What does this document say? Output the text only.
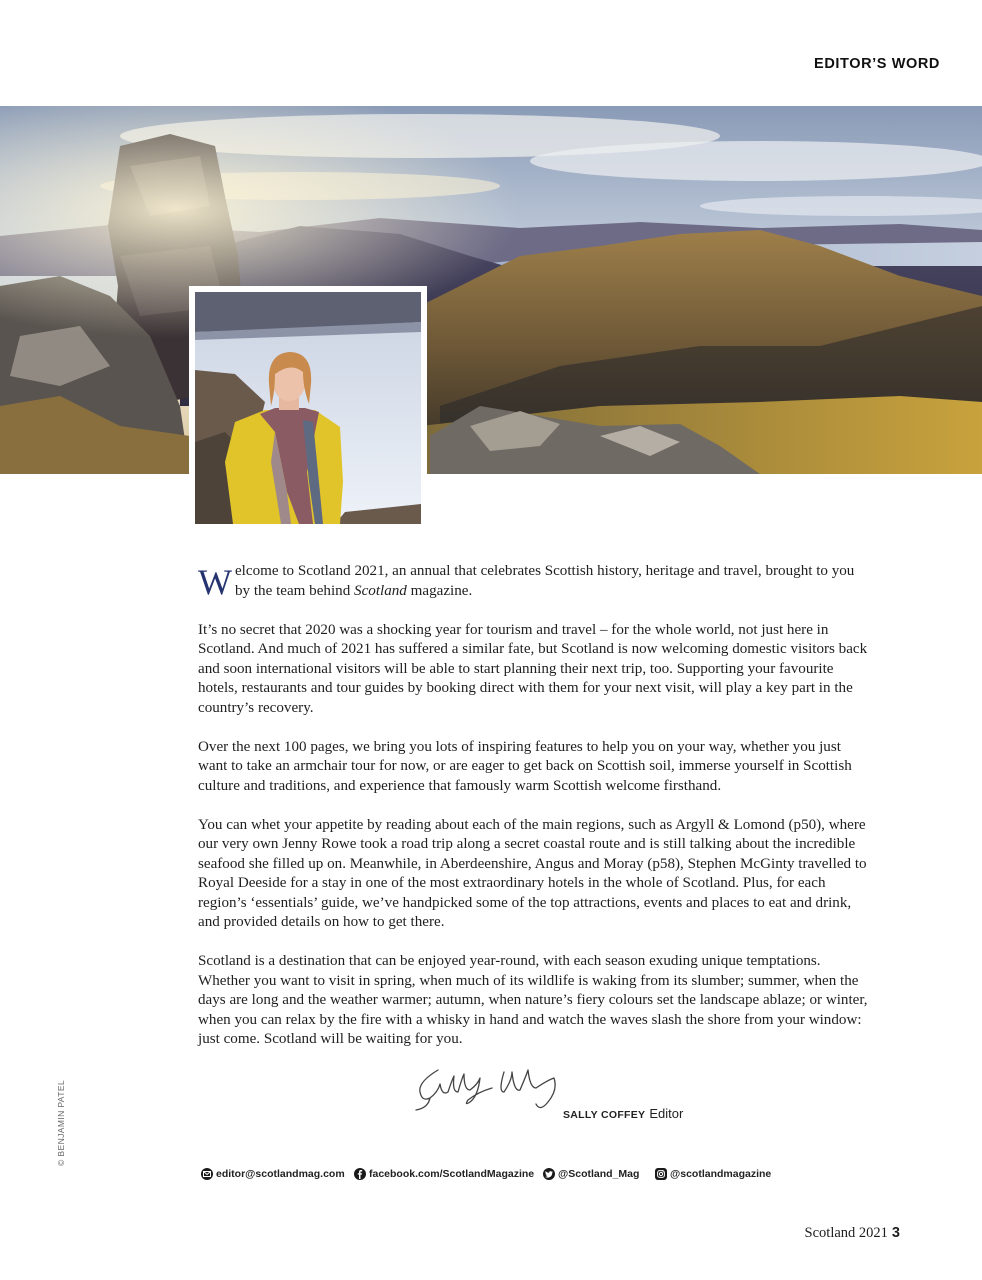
EDITOR’S WORD

Welcome to Scotland 2021, an annual that celebrates Scottish history, heritage and travel, brought to you by the team behind Scotland magazine.

It’s no secret that 2020 was a shocking year for tourism and travel – for the whole world, not just here in Scotland. And much of 2021 has suffered a similar fate, but Scotland is now welcoming domestic visitors back and soon international visitors will be able to start planning their next trip, too. Supporting your favourite hotels, restaurants and tour guides by booking direct with them for your next visit, will play a key part in the country’s recovery.

Over the next 100 pages, we bring you lots of inspiring features to help you on your way, whether you just want to take an armchair tour for now, or are eager to get back on Scottish soil, immerse yourself in Scottish culture and traditions, and experience that famously warm Scottish welcome firsthand.

You can whet your appetite by reading about each of the main regions, such as Argyll & Lomond (p50), where our very own Jenny Rowe took a road trip along a secret coastal route and is still talking about the incredible seafood she filled up on. Meanwhile, in Aberdeenshire, Angus and Moray (p58), Stephen McGinty travelled to Royal Deeside for a stay in one of the most extraordinary hotels in the whole of Scotland. Plus, for each region’s ‘essentials’ guide, we’ve handpicked some of the top attractions, events and places to eat and drink, and provided details on how to get there.

Scotland is a destination that can be enjoyed year-round, with each season exuding unique temptations. Whether you want to visit in spring, when much of its wildlife is waking from its slumber; summer, when the days are long and the weather warmer; autumn, when nature’s fiery colours set the landscape ablaze; or winter, when you can relax by the fire with a whisky in hand and watch the waves slash the shore from your window: just come. Scotland will be waiting for you.

SALLY COFFEY Editor
© BENJAMIN PATEL
editor@scotlandmag.com facebook.com/ScotlandMagazine @Scotland_Mag	@scotlandmagazine
Scotland 2021 3
